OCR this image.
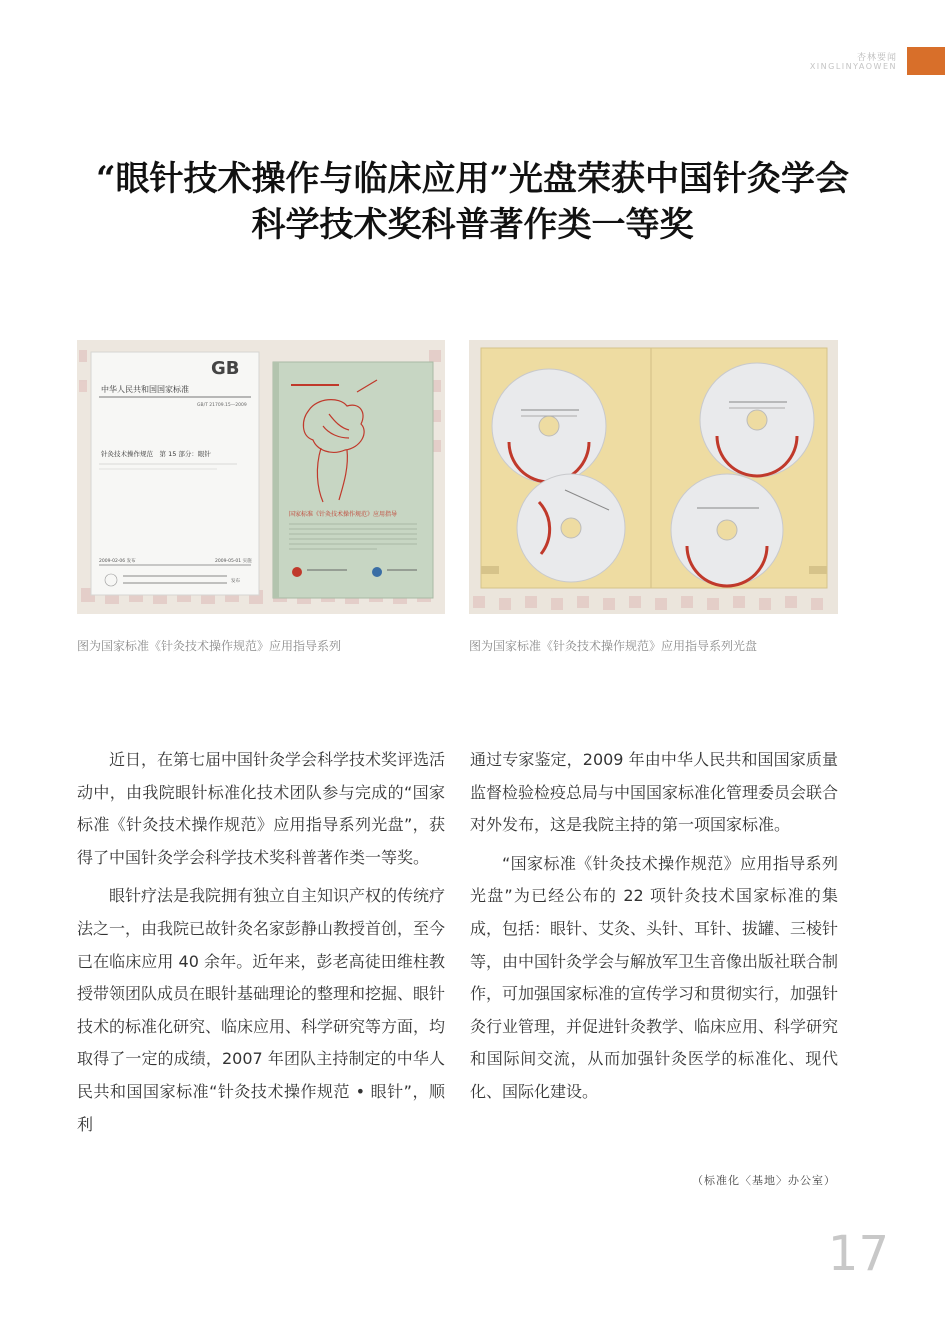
杏林要闻
XINGLINYAOWEN
“眼针技术操作与临床应用”光盘荣获中国针灸学会
科学技术奖科普著作类一等奖
GB
中华人民共和国国家标准
GB/T 21709.15—2009
针灸技术操作规范　第 15 部分：眼针
2009-02-06 发布	2009-05-01 实施
发布
国家标准《针灸技术操作规范》应用指导
图为国家标准《针灸技术操作规范》应用指导系列	图为国家标准《针灸技术操作规范》应用指导系列光盘

近日，在第七届中国针灸学会科学技术奖评选活动中，由我院眼针标准化技术团队参与完成的“国家标准《针灸技术操作规范》应用指导系列光盘”，获得了中国针灸学会科学技术奖科普著作类一等奖。

眼针疗法是我院拥有独立自主知识产权的传统疗法之一，由我院已故针灸名家彭静山教授首创，至今已在临床应用 40 余年。近年来，彭老高徒田维柱教授带领团队成员在眼针基础理论的整理和挖掘、眼针技术的标准化研究、临床应用、科学研究等方面，均取得了一定的成绩，2007 年团队主持制定的中华人民共和国国家标准“针灸技术操作规范 • 眼针”，顺利

通过专家鉴定，2009 年由中华人民共和国国家质量监督检验检疫总局与中国国家标准化管理委员会联合对外发布，这是我院主持的第一项国家标准。

“国家标准《针灸技术操作规范》应用指导系列光盘”为已经公布的 22 项针灸技术国家标准的集成，包括：眼针、艾灸、头针、耳针、拔罐、三棱针等，由中国针灸学会与解放军卫生音像出版社联合制作，可加强国家标准的宣传学习和贯彻实行，加强针灸行业管理，并促进针灸教学、临床应用、科学研究和国际间交流，从而加强针灸医学的标准化、现代化、国际化建设。

（标准化〈基地〉办公室）
17
